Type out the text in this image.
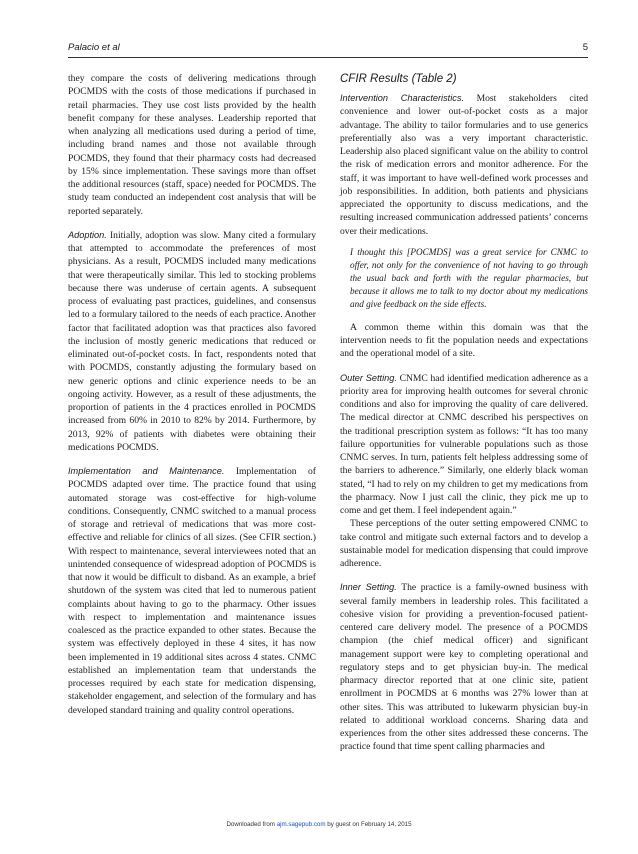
Palacio et al	5

they compare the costs of delivering medications through POCMDS with the costs of those medications if purchased in retail pharmacies. They use cost lists provided by the health benefit company for these analyses. Leadership reported that when analyzing all medications used during a period of time, including brand names and those not available through POCMDS, they found that their pharmacy costs had decreased by 15% since implementation. These savings more than offset the additional resources (staff, space) needed for POCMDS. The study team conducted an independent cost analysis that will be reported separately.

Adoption. Initially, adoption was slow. Many cited a formulary that attempted to accommodate the preferences of most physicians. As a result, POCMDS included many medications that were therapeutically similar. This led to stocking problems because there was underuse of certain agents. A subsequent process of evaluating past practices, guidelines, and consensus led to a formulary tailored to the needs of each practice. Another factor that facilitated adoption was that practices also favored the inclusion of mostly generic medications that reduced or eliminated out-of-pocket costs. In fact, respondents noted that with POCMDS, constantly adjusting the formulary based on new generic options and clinic experience needs to be an ongoing activity. However, as a result of these adjustments, the proportion of patients in the 4 practices enrolled in POCMDS increased from 60% in 2010 to 82% by 2014. Furthermore, by 2013, 92% of patients with diabetes were obtaining their medications POCMDS.

Implementation and Maintenance. Implementation of POCMDS adapted over time. The practice found that using automated storage was cost-effective for high-volume conditions. Consequently, CNMC switched to a manual process of storage and retrieval of medications that was more cost-effective and reliable for clinics of all sizes. (See CFIR section.) With respect to maintenance, several interviewees noted that an unintended consequence of widespread adoption of POCMDS is that now it would be difficult to disband. As an example, a brief shutdown of the system was cited that led to numerous patient complaints about having to go to the pharmacy. Other issues with respect to implementation and maintenance issues coalesced as the practice expanded to other states. Because the system was effectively deployed in these 4 sites, it has now been implemented in 19 additional sites across 4 states. CNMC established an implementation team that understands the processes required by each state for medication dispensing, stakeholder engagement, and selection of the formulary and has developed standard training and quality control operations.

CFIR Results (Table 2)

Intervention Characteristics. Most stakeholders cited convenience and lower out-of-pocket costs as a major advantage. The ability to tailor formularies and to use generics preferentially also was a very important characteristic. Leadership also placed significant value on the ability to control the risk of medication errors and monitor adherence. For the staff, it was important to have well-defined work processes and job responsibilities. In addition, both patients and physicians appreciated the opportunity to discuss medications, and the resulting increased communication addressed patients’ concerns over their medications.

I thought this [POCMDS] was a great service for CNMC to offer, not only for the convenience of not having to go through the usual back and forth with the regular pharmacies, but because it allows me to talk to my doctor about my medications and give feedback on the side effects.

A common theme within this domain was that the intervention needs to fit the population needs and expectations and the operational model of a site.

Outer Setting. CNMC had identified medication adherence as a priority area for improving health outcomes for several chronic conditions and also for improving the quality of care delivered. The medical director at CNMC described his perspectives on the traditional prescription system as follows: “It has too many failure opportunities for vulnerable populations such as those CNMC serves. In turn, patients felt helpless addressing some of the barriers to adherence.” Similarly, one elderly black woman stated, “I had to rely on my children to get my medications from the pharmacy. Now I just call the clinic, they pick me up to come and get them. I feel independent again.”

These perceptions of the outer setting empowered CNMC to take control and mitigate such external factors and to develop a sustainable model for medication dispensing that could improve adherence.

Inner Setting. The practice is a family-owned business with several family members in leadership roles. This facilitated a cohesive vision for providing a prevention-focused patient-centered care delivery model. The presence of a POCMDS champion (the chief medical officer) and significant management support were key to completing operational and regulatory steps and to get physician buy-in. The medical pharmacy director reported that at one clinic site, patient enrollment in POCMDS at 6 months was 27% lower than at other sites. This was attributed to lukewarm physician buy-in related to additional workload concerns. Sharing data and experiences from the other sites addressed these concerns. The practice found that time spent calling pharmacies and

Downloaded from ajm.sagepub.com by guest on February 14, 2015
